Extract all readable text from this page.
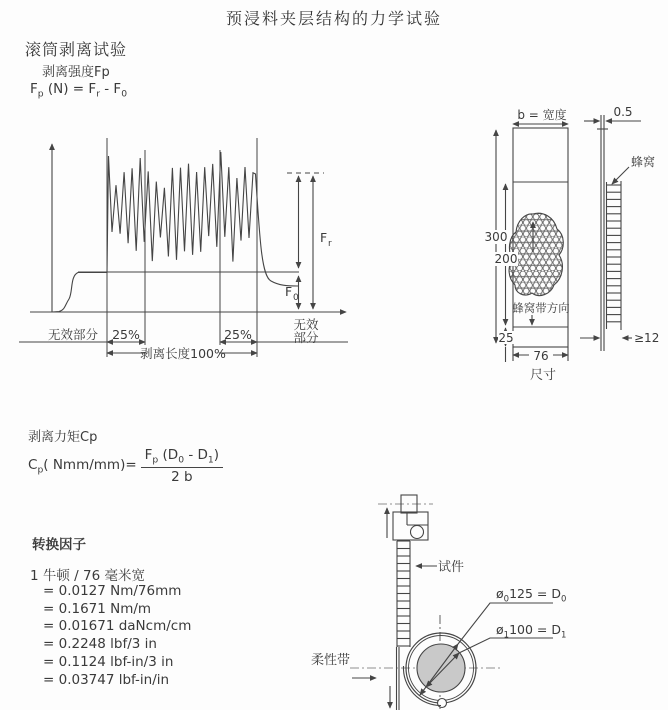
预浸料夹层结构的力学试验
滚筒剥离试验
剥离强度Fp
$F_p$ $(N) = F_r - F_0$
无效部分 25%	25%
无效
部分
剥离长度100%
F r
F 0
b = 宽度
300
200
25
76
尺寸
蜂窝带方向
0.5
蜂窝
≥12
剥离力矩Cp
$C_p$( $Nmm/mm)= \frac{F_p (D_0 - D_1)}{2 b}$
转换因子
1 牛顿 / 76 毫米宽
= 0.0127 Nm/76mm
= 0.1671 Nm/m
= 0.01671 daNcm/cm
= 0.2248 lbf/3 in
= 0.1124 lbf-in/3 in
= 0.03747 lbf-in/in
试件
柔性带
$ø_0125 = D_0$
$ø_1100 = D_1$
